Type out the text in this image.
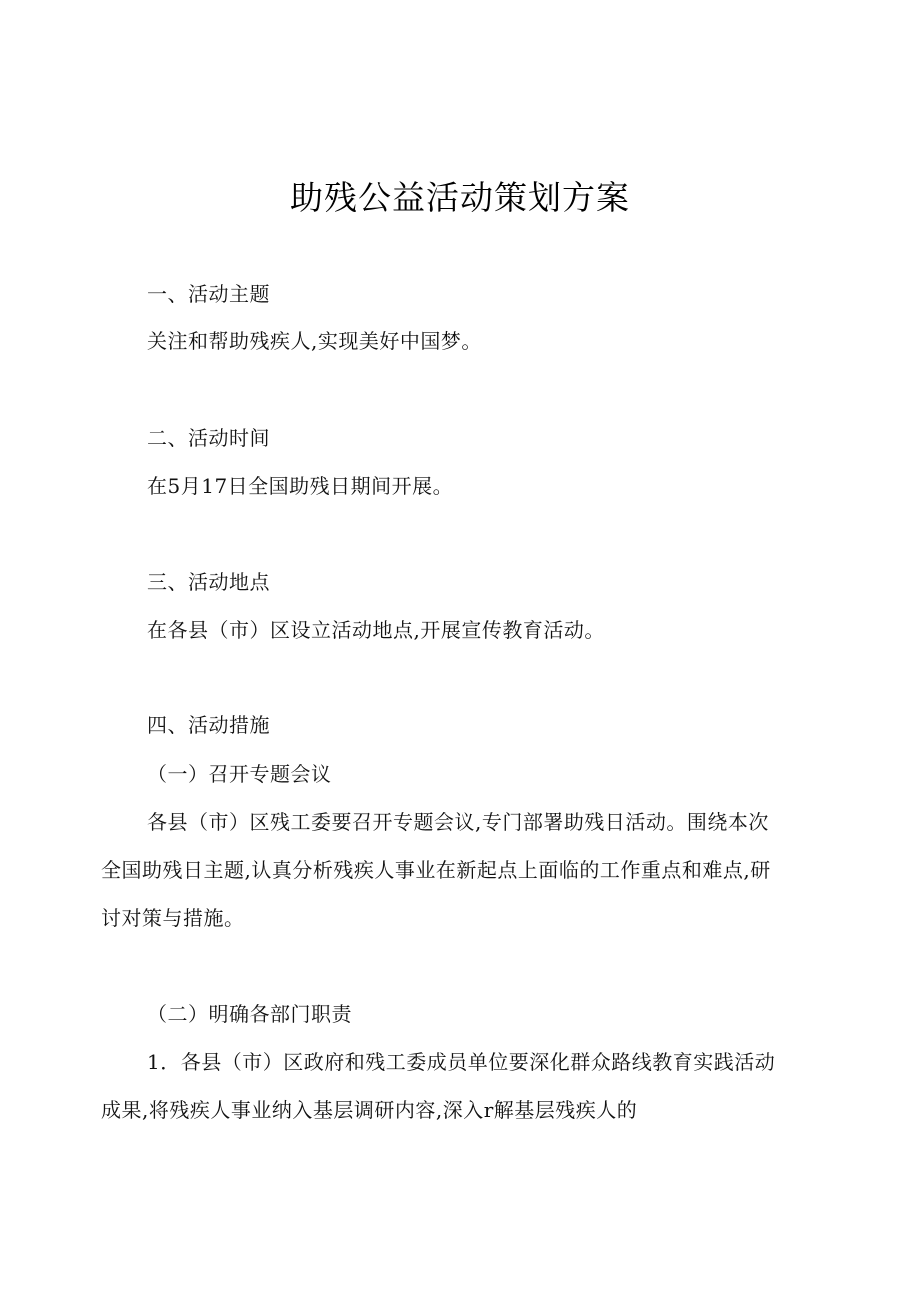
助残公益活动策划方案
一、活动主题
关注和帮助残疾人,实现美好中国梦。
二、活动时间
在5月17日全国助残日期间开展。
三、活动地点
在各县（市）区设立活动地点,开展宣传教育活动。
四、活动措施
（一）召开专题会议
各县（市）区残工委要召开专题会议,专门部署助残日活动。围绕本次
全国助残日主题,认真分析残疾人事业在新起点上面临的工作重点和难点,研
讨对策与措施。
（二）明确各部门职责
1．各县（市）区政府和残工委成员单位要深化群众路线教育实践活动
成果,将残疾人事业纳入基层调研内容,深入r解基层残疾人的
